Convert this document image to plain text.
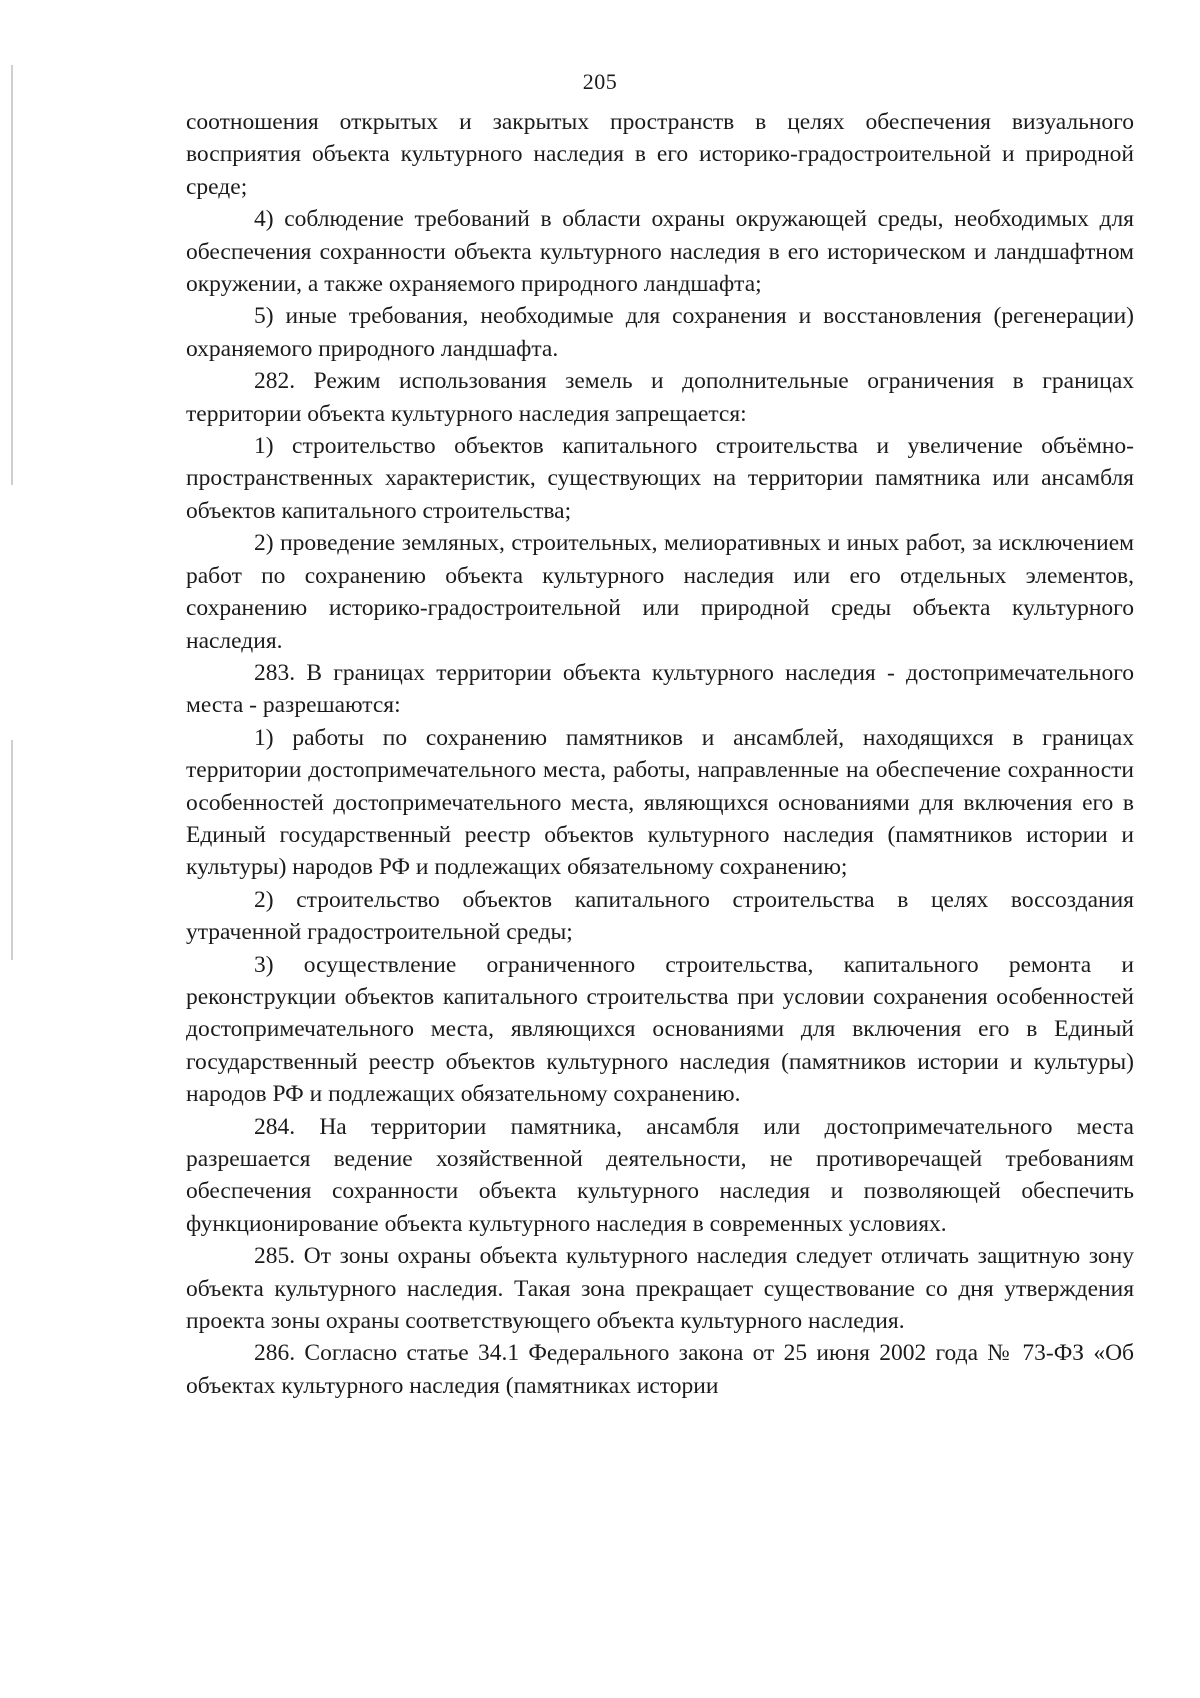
205

соотношения открытых и закрытых пространств в целях обеспечения визуального восприятия объекта культурного наследия в его историко-градостроительной и природной среде;

4) соблюдение требований в области охраны окружающей среды, необходимых для обеспечения сохранности объекта культурного наследия в его историческом и ландшафтном окружении, а также охраняемого природного ландшафта;

5) иные требования, необходимые для сохранения и восстановления (регенерации) охраняемого природного ландшафта.

282. Режим использования земель и дополнительные ограничения в границах территории объекта культурного наследия запрещается:

1) строительство объектов капитального строительства и увеличение объёмно-пространственных характеристик, существующих на территории памятника или ансамбля объектов капитального строительства;

2) проведение земляных, строительных, мелиоративных и иных работ, за исключением работ по сохранению объекта культурного наследия или его отдельных элементов, сохранению историко-градостроительной или природной среды объекта культурного наследия.

283. В границах территории объекта культурного наследия - достопримечательного места - разрешаются:

1) работы по сохранению памятников и ансамблей, находящихся в границах территории достопримечательного места, работы, направленные на обеспечение сохранности особенностей достопримечательного места, являющихся основаниями для включения его в Единый государственный реестр объектов культурного наследия (памятников истории и культуры) народов РФ и подлежащих обязательному сохранению;

2) строительство объектов капитального строительства в целях воссоздания утраченной градостроительной среды;

3) осуществление ограниченного строительства, капитального ремонта и реконструкции объектов капитального строительства при условии сохранения особенностей достопримечательного места, являющихся основаниями для включения его в Единый государственный реестр объектов культурного наследия (памятников истории и культуры) народов РФ и подлежащих обязательному сохранению.

284. На территории памятника, ансамбля или достопримечательного места разрешается ведение хозяйственной деятельности, не противоречащей требованиям обеспечения сохранности объекта культурного наследия и позволяющей обеспечить функционирование объекта культурного наследия в современных условиях.

285. От зоны охраны объекта культурного наследия следует отличать защитную зону объекта культурного наследия. Такая зона прекращает существование со дня утверждения проекта зоны охраны соответствующего объекта культурного наследия.

286. Согласно статье 34.1 Федерального закона от 25 июня 2002 года № 73-ФЗ «Об объектах культурного наследия (памятниках истории
